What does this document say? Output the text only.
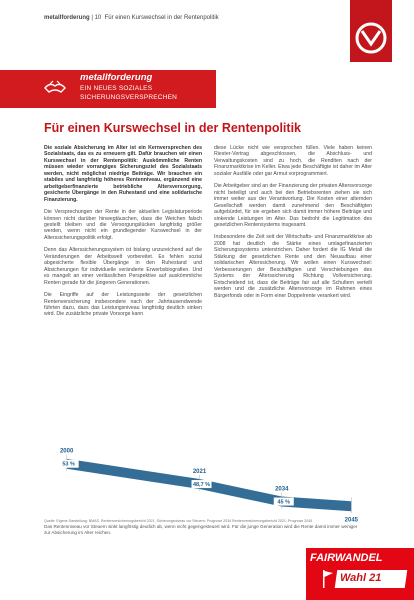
metallforderung | 10 Für einen Kurswechsel in der Rentenpolitik
metallforderung
EIN NEUES SOZIALES
SICHERUNGSVERSPRECHEN
Für einen Kurswechsel in der Rentenpolitik

Die soziale Absicherung im Alter ist ein Kernversprechen des Sozialstaats, das es zu erneuern gilt. Dafür brauchen wir einen Kurswechsel in der Rentenpolitik: Auskömmliche Renten müssen wieder vorrangiges Sicherungsziel des Sozialstaats werden, nicht möglichst niedrige Beiträge. Wir brauchen ein stabiles und langfristig höheres Rentenniveau, ergänzend eine arbeitgeberfinanzierte betriebliche Altersversorgung, gesicherte Übergänge in den Ruhestand und eine solidarische Finanzierung.

Die Versprechungen der Rente in der aktuellen Legislaturperiode können nicht darüber hinwegtäuschen, dass die Weichen falsch gestellt bleiben und die Versorgungslücken langfristig größer werden, wenn nicht ein grundlegender Kurswechsel in der Alterssicherungspolitik erfolgt.

Denn das Alterssicherungssystem ist bislang unzureichend auf die Veränderungen der Arbeitswelt vorbereitet. Es fehlen sozial abgesicherte flexible Übergänge in den Ruhestand und Absicherungen für individuelle veränderte Erwerbsbiografien. Und es mangelt an einer verlässlichen Perspektive auf auskömmliche Renten gerade für die jüngeren Generationen.

Die Eingriffe auf der Leistungsseite der gesetzlichen Rentenversicherung insbesondere nach der Jahrtausendwende führten dazu, dass das Leistungsniveau langfristig deutlich sinken wird. Die zusätzliche private Vorsorge kann

diese Lücke nicht wie versprochen füllen. Viele haben keinen Riester-Vertrag abgeschlossen, die Abschluss- und Verwaltungskosten sind zu hoch, die Renditen nach der Finanzmarktkrise im Keller. Etwa jede Beschäftigte ist daher im Alter sozialer Ausfälle oder gar Armut vorprogrammiert.

Die Arbeitgeber sind an der Finanzierung der privaten Altersvorsorge nicht beteiligt und auch bei den Betriebsrenten ziehen sie sich immer weiter aus der Verantwortung. Die Kosten einer alternden Gesellschaft werden damit zunehmend den Beschäftigten aufgebürdet, für sie ergeben sich damit immer höhere Beiträge und sinkende Leistungen im Alter. Das bedroht die Legitimation des gesetzlichen Rentensystems insgesamt.

Insbesondere die Zeit seit der Wirtschafts- und Finanzmarktkrise ab 2008 hat deutlich die Stärke eines umlagefinanzierten Sicherungssystems unterstrichen. Daher fordert die IG Metall die Stärkung der gesetzlichen Rente und den Neuaufbau einer solidarischen Alterssicherung. Wir wollen einen Kurswechsel: Verbesserungen der Beschäftigten und Verschiebungen des Systems der Alterssicherung Richtung Vollversicherung. Entscheidend ist, dass die Beiträge fair auf alle Schultern verteilt werden und die zusätzliche Altersvorsorge im Rahmen eines Bürgerfonds oder in Form einer Doppelrente verankert wird.

2000
53 %
2021
48,7 %
2034
45 %
2045
Quelle: Eigene Darstellung; BMAS, Rentenversicherungsbericht 2021, Sicherungsniveau vor Steuern; Prognose 2034 Rentenversicherungsbericht 2021; Prognose 2045
Das Rentenniveau vor Steuern sinkt langfristig deutlich ab, wenn nicht gegengesteuert wird. Für die junge Generation wird die Rente damit immer weniger zur Absicherung im Alter reichen.
FAIRWANDEL
Wahl 21
